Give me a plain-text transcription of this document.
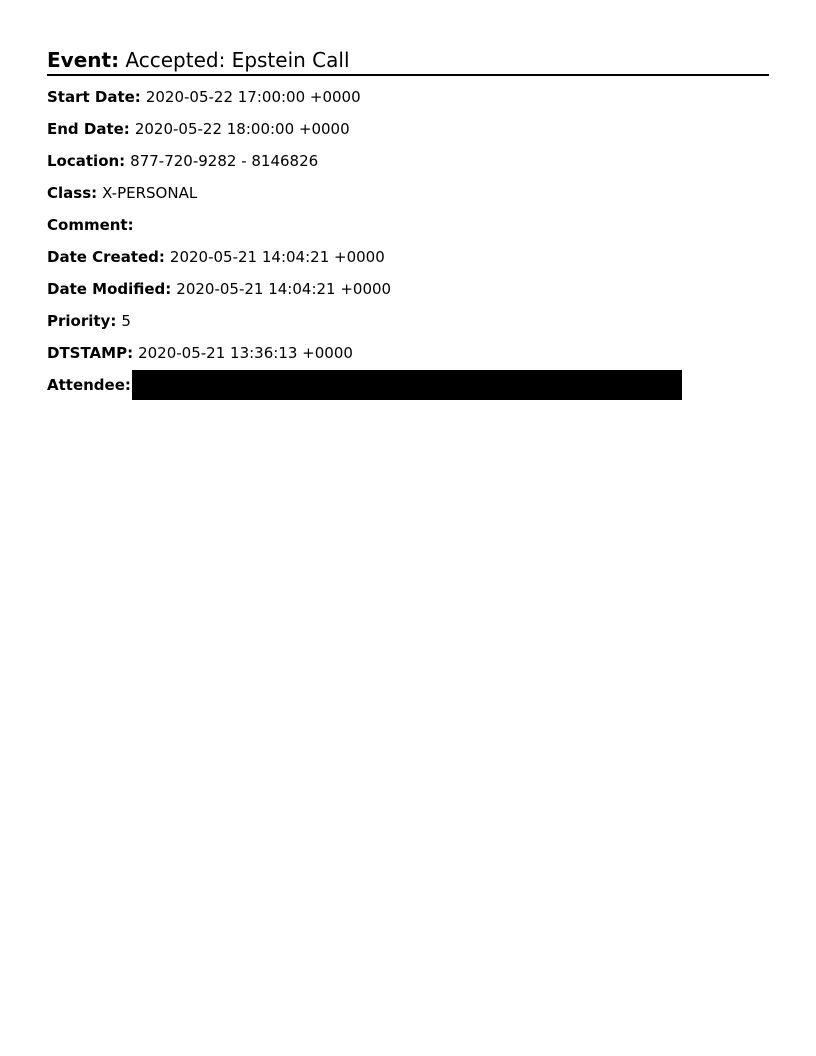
Event: Accepted: Epstein Call
Start Date: 2020-05-22 17:00:00 +0000
End Date: 2020-05-22 18:00:00 +0000
Location: 877-720-9282 - 8146826
Class: X-PERSONAL
Comment:
Date Created: 2020-05-21 14:04:21 +0000
Date Modified: 2020-05-21 14:04:21 +0000
Priority: 5
DTSTAMP: 2020-05-21 13:36:13 +0000
Attendee:
